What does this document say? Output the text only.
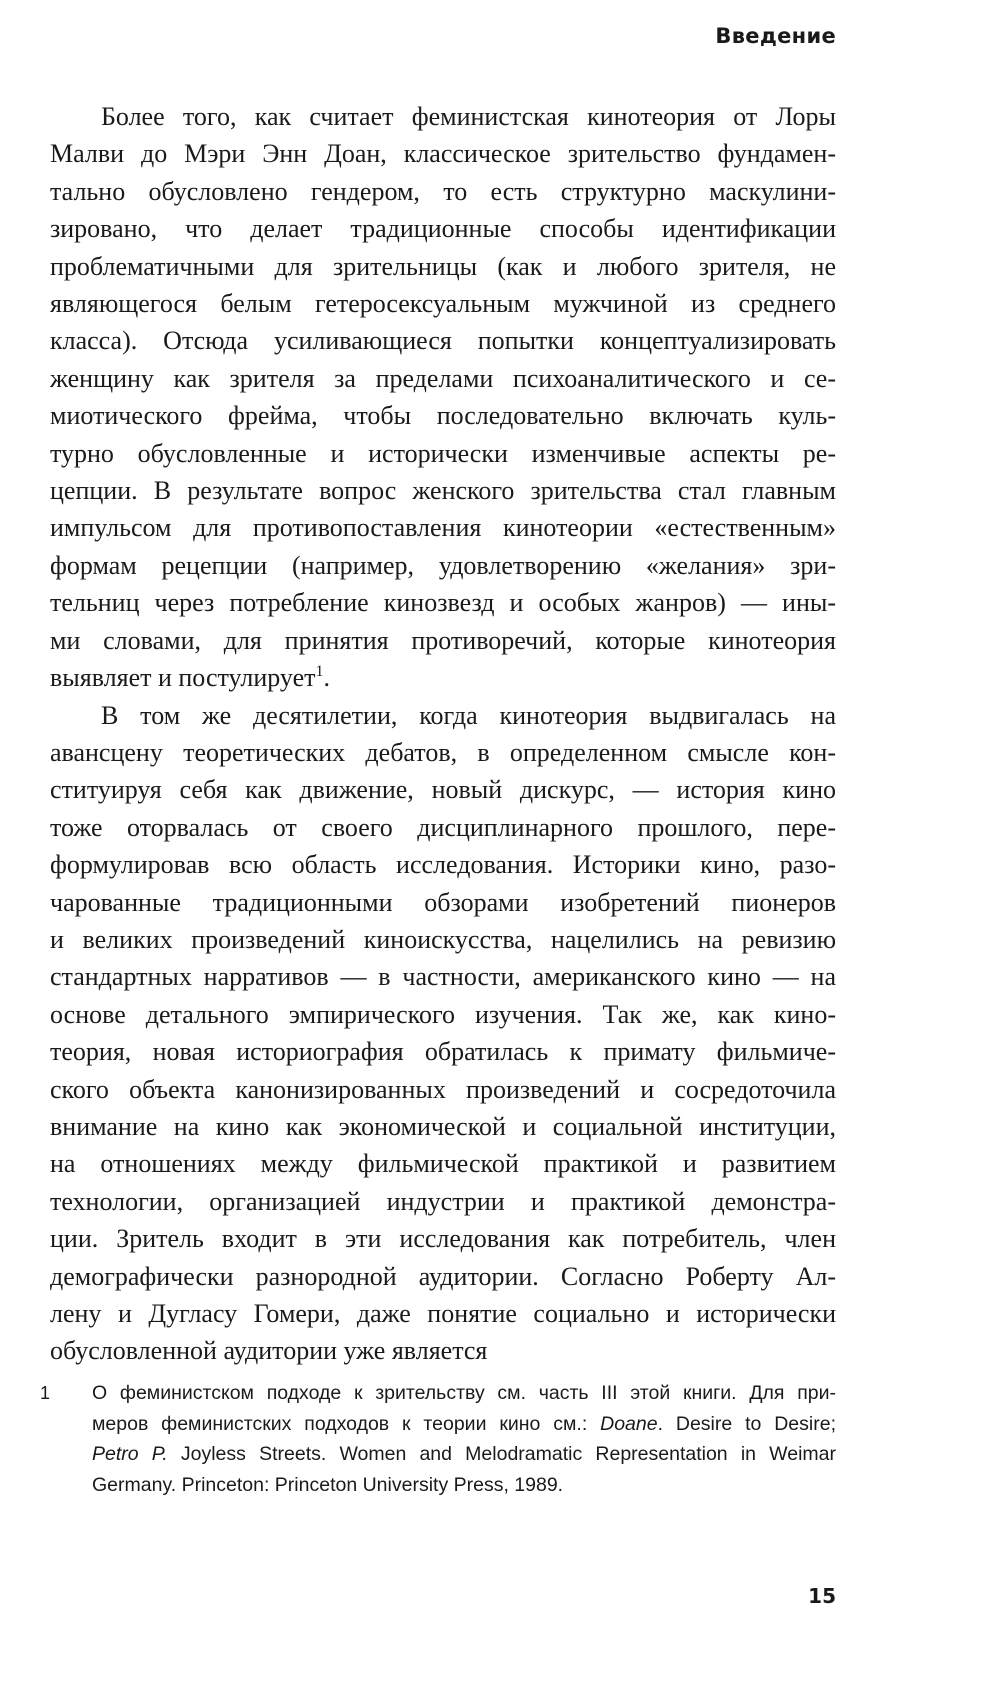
Введение

Более того, как считает феминистская кинотеория от Лоры
Малви до Мэри Энн Доан, классическое зрительство фундамен-
тально обусловлено гендером, то есть структурно маскулини-
зировано, что делает традиционные способы идентификации
проблематичными для зрительницы (как и любого зрителя, не
являющегося белым гетеросексуальным мужчиной из среднего
класса). Отсюда усиливающиеся попытки концептуализировать
женщину как зрителя за пределами психоаналитического и се-
миотического фрейма, чтобы последовательно включать куль-
турно обусловленные и исторически изменчивые аспекты ре-
цепции. В результате вопрос женского зрительства стал главным
импульсом для противопоставления кинотеории «естественным»
формам рецепции (например, удовлетворению «желания» зри-
тельниц через потребление кинозвезд и особых жанров) — ины-
ми словами, для принятия противоречий, которые кинотеория
выявляет и постулирует$^1$.

В том же десятилетии, когда кинотеория выдвигалась на
авансцену теоретических дебатов, в определенном смысле кон-
ституируя себя как движение, новый дискурс, — история кино
тоже оторвалась от своего дисциплинарного прошлого, пере-
формулировав всю область исследования. Историки кино, разо-
чарованные традиционными обзорами изобретений пионеров
и великих произведений киноискусства, нацелились на ревизию
стандартных нарративов — в частности, американского кино — на
основе детального эмпирического изучения. Так же, как кино-
теория, новая историография обратилась к примату фильмиче-
ского объекта канонизированных произведений и сосредоточила
внимание на кино как экономической и социальной институции,
на отношениях между фильмической практикой и развитием
технологии, организацией индустрии и практикой демонстра-
ции. Зритель входит в эти исследования как потребитель, член
демографически разнородной аудитории. Согласно Роберту Ал-
лену и Дугласу Гомери, даже понятие социально и исторически
обусловленной аудитории уже является

1	О феминистском подходе к зрительству см. часть III этой книги. Для при-
меров феминистских подходов к теории кино см.: Doane. Desire to Desire;
Petro P. Joyless Streets. Women and Melodramatic Representation in Weimar
Germany. Princeton: Princeton University Press, 1989.
15
